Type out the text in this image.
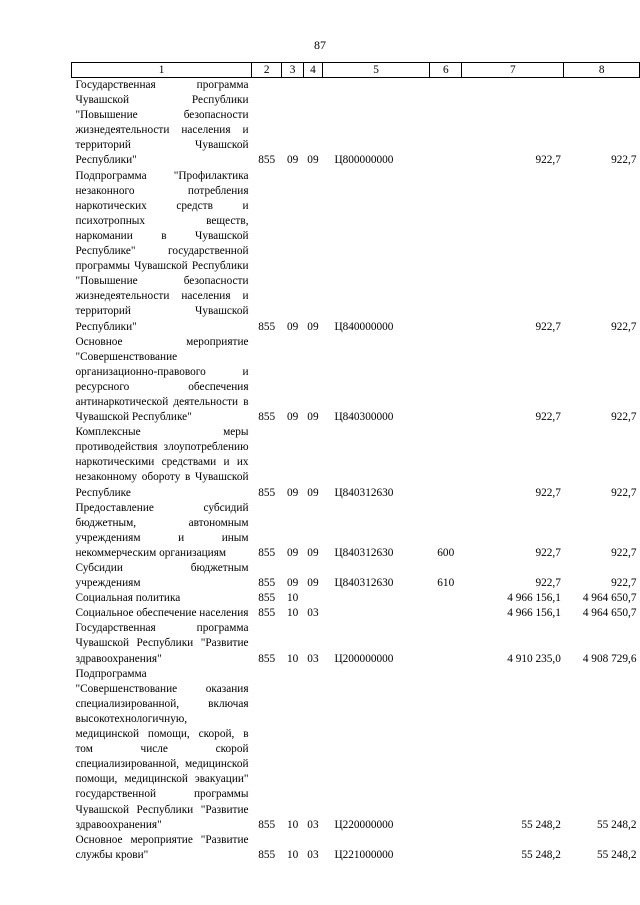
87
1	2	3	4	5	6	7	8
Государственная программа Чувашской Республики "Повышение безопасности жизнедеятельности населения и территорий Чувашской Республики"	855	09	09	Ц800000000		922,7	922,7
Подпрограмма "Профилактика незаконного потребления наркотических средств и психотропных веществ, наркомании в Чувашской Республике" государственной программы Чувашской Республики "Повышение безопасности жизнедеятельности населения и территорий Чувашской Республики"	855	09	09	Ц840000000		922,7	922,7
Основное мероприятие "Совершенствование организационно-правового и ресурсного обеспечения антинаркотической деятельности в Чувашской Республике"	855	09	09	Ц840300000		922,7	922,7
Комплексные меры противодействия злоупотреблению наркотическими средствами и их незаконному обороту в Чувашской Республике	855	09	09	Ц840312630		922,7	922,7
Предоставление субсидий бюджетным, автономным учреждениям и иным некоммерческим организациям	855	09	09	Ц840312630	600	922,7	922,7
Субсидии бюджетным учреждениям	855	09	09	Ц840312630	610	922,7	922,7
Социальная политика	855	10				4 966 156,1	4 964 650,7
Социальное обеспечение населения	855	10	03			4 966 156,1	4 964 650,7
Государственная программа Чувашской Республики "Развитие здравоохранения"	855	10	03	Ц200000000		4 910 235,0	4 908 729,6
Подпрограмма "Совершенствование оказания специализированной, включая высокотехнологичную, медицинской помощи, скорой, в том числе скорой специализированной, медицинской помощи, медицинской эвакуации" государственной программы Чувашской Республики "Развитие здравоохранения"	855	10	03	Ц220000000		55 248,2	55 248,2
Основное мероприятие "Развитие службы крови"	855	10	03	Ц221000000		55 248,2	55 248,2
